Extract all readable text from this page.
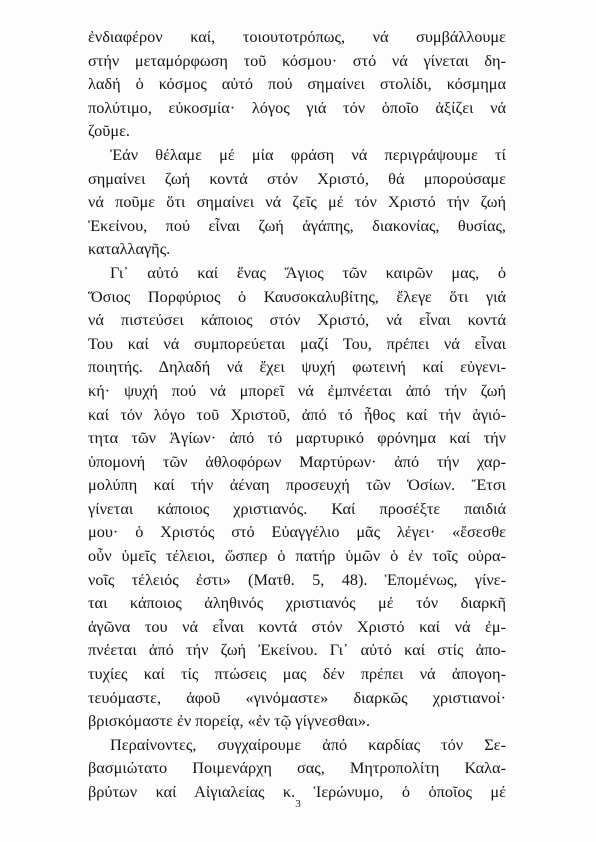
ἐνδιαφέρον καί, τοιουτοτρόπως, νά συμβάλλουμε
στήν μεταμόρφωση τοῦ κόσμου· στό νά γίνεται δη-
λαδή ὁ κόσμος αὐτό πού σημαίνει στολίδι, κόσμημα
πολύτιμο, εὐκοσμία· λόγος γιά τόν ὁποῖο ἀξίζει νά
ζοῦμε.
Ἐάν θέλαμε μέ μία φράση νά περιγράψουμε τί
σημαίνει ζωή κοντά στόν Χριστό, θά μπορούσαμε
νά ποῦμε ὅτι σημαίνει νά ζεῖς μέ τόν Χριστό τήν ζωή
Ἐκείνου, πού εἶναι ζωή ἀγάπης, διακονίας, θυσίας,
καταλλαγῆς.
Γι᾽ αὐτό καί ἕνας Ἅγιος τῶν καιρῶν μας, ὁ
Ὅσιος Πορφύριος ὁ Καυσοκαλυβίτης, ἔλεγε ὅτι γιά
νά πιστεύσει κάποιος στόν Χριστό, νά εἶναι κοντά
Του καί νά συμπορεύεται μαζί Του, πρέπει νά εἶναι
ποιητής. Δηλαδή νά ἔχει ψυχή φωτεινή καί εὐγενι-
κή· ψυχή πού νά μπορεῖ νά ἐμπνέεται ἀπό τήν ζωή
καί τόν λόγο τοῦ Χριστοῦ, ἀπό τό ἦθος καί τήν ἁγιό-
τητα τῶν Ἁγίων· ἀπό τό μαρτυρικό φρόνημα καί τήν
ὑπομονή τῶν ἀθλοφόρων Μαρτύρων· ἀπό τήν χαρ-
μολύπη καί τήν ἀέναη προσευχή τῶν Ὁσίων. Ἔτσι
γίνεται κάποιος χριστιανός. Καί προσέξτε παιδιά
μου· ὁ Χριστός στό Εὐαγγέλιο μᾶς λέγει· «ἔσεσθε
οὖν ὑμεῖς τέλειοι, ὥσπερ ὁ πατήρ ὑμῶν ὁ ἐν τοῖς οὐρα-
νοῖς τέλειός ἐστι» (Ματθ. 5, 48). Ἑπομένως, γίνε-
ται κάποιος ἀληθινός χριστιανός μέ τόν διαρκῆ
ἀγῶνα του νά εἶναι κοντά στόν Χριστό καί νά ἐμ-
πνέεται ἀπό τήν ζωή Ἐκείνου. Γι᾽ αὐτό καί στίς ἀπο-
τυχίες καί τίς πτώσεις μας δέν πρέπει νά ἀπογοη-
τευόμαστε, ἀφοῦ «γινόμαστε» διαρκῶς χριστιανοί·
βρισκόμαστε ἐν πορείᾳ, «ἐν τῷ γίγνεσθαι».
Περαίνοντες, συγχαίρουμε ἀπό καρδίας τόν Σε-
βασμιώτατο Ποιμενάρχη σας, Μητροπολίτη Καλα-
βρύτων καί Αἰγιαλείας κ. Ἱερώνυμο, ὁ ὁποῖος μέ
3
